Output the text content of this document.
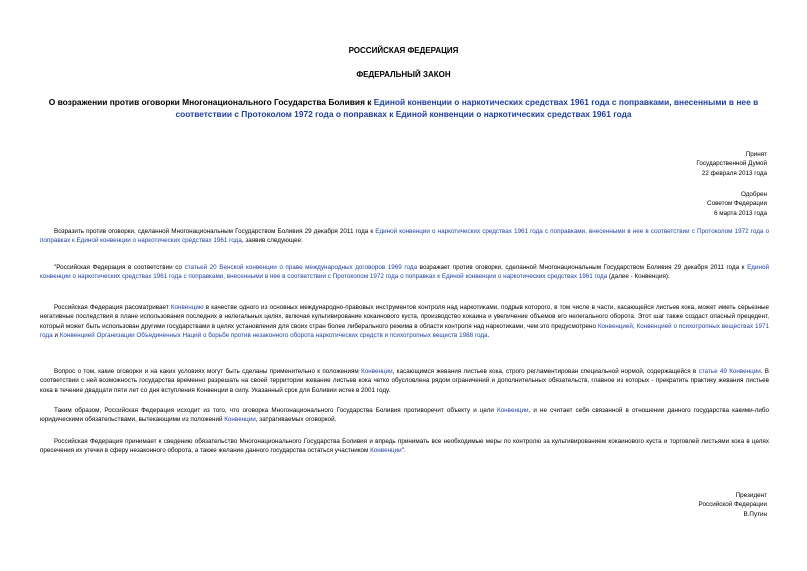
РОССИЙСКАЯ ФЕДЕРАЦИЯ
ФЕДЕРАЛЬНЫЙ ЗАКОН
О возражении против оговорки Многонационального Государства Боливия к Единой конвенции о наркотических средствах 1961 года с поправками, внесенными в нее в соответствии с Протоколом 1972 года о поправках к Единой конвенции о наркотических средствах 1961 года
Принят
Государственной Думой
22 февраля 2013 года
Одобрен
Советом Федерации
6 марта 2013 года
Возразить против оговорки, сделанной Многонациональным Государством Боливия 29 декабря 2011 года к Единой конвенции о наркотических средствах 1961 года с поправками, внесенными в нее в соответствии с Протоколом 1972 года о поправках к Единой конвенции о наркотических средствах 1961 года, заявив следующее:
"Российская Федерация в соответствии со статьей 20 Венской конвенции о праве международных договоров 1969 года возражает против оговорки, сделанной Многонациональным Государством Боливия 29 декабря 2011 года к Единой конвенции о наркотических средствах 1961 года с поправками, внесенными в нее в соответствии с Протоколом 1972 года о поправках к Единой конвенции о наркотических средствах 1961 года (далее - Конвенция).
Российская Федерация рассматривает Конвенцию в качестве одного из основных международно-правовых инструментов контроля над наркотиками, подрыв которого, в том числе в части, касающейся листьев кока, может иметь серьезные негативные последствия в плане использования последних в нелегальных целях, включая культивирование кокаинового куста, производство кокаина и увеличение объемов его нелегального оборота. Этот шаг также создаст опасный прецедент, который может быть использован другими государствами в целях установления для своих стран более либерального режима в области контроля над наркотиками, чем это предусмотрено Конвенцией, Конвенцией о психотропных веществах 1971 года и Конвенцией Организации Объединенных Наций о борьбе против незаконного оборота наркотических средств и психотропных веществ 1988 года.
Вопрос о том, какие оговорки и на каких условиях могут быть сделаны применительно к положениям Конвенции, касающимся жевания листьев кока, строго регламентирован специальной нормой, содержащейся в статье 49 Конвенции. В соответствии с ней возможность государства временно разрешать на своей территории жевание листьев кока четко обусловлена рядом ограничений и дополнительных обязательств, главное из которых - прекратить практику жевания листьев кока в течение двадцати пяти лет со дня вступления Конвенции в силу. Указанный срок для Боливии истек в 2001 году.
Таким образом, Российская Федерация исходит из того, что оговорка Многонационального Государства Боливия противоречит объекту и цели Конвенции, и не считает себя связанной в отношении данного государства какими-либо юридическими обязательствами, вытекающими из положений Конвенции, затрагиваемых оговоркой.
Российская Федерация принимает к сведению обязательство Многонационального Государства Боливия и впредь принимать все необходимые меры по контролю за культивированием кокаинового куста и торговлей листьями кока в целях пресечения их утечки в сферу незаконного оборота, а также желание данного государства остаться участником Конвенции".
Президент
Российской Федерации
В.Путин
